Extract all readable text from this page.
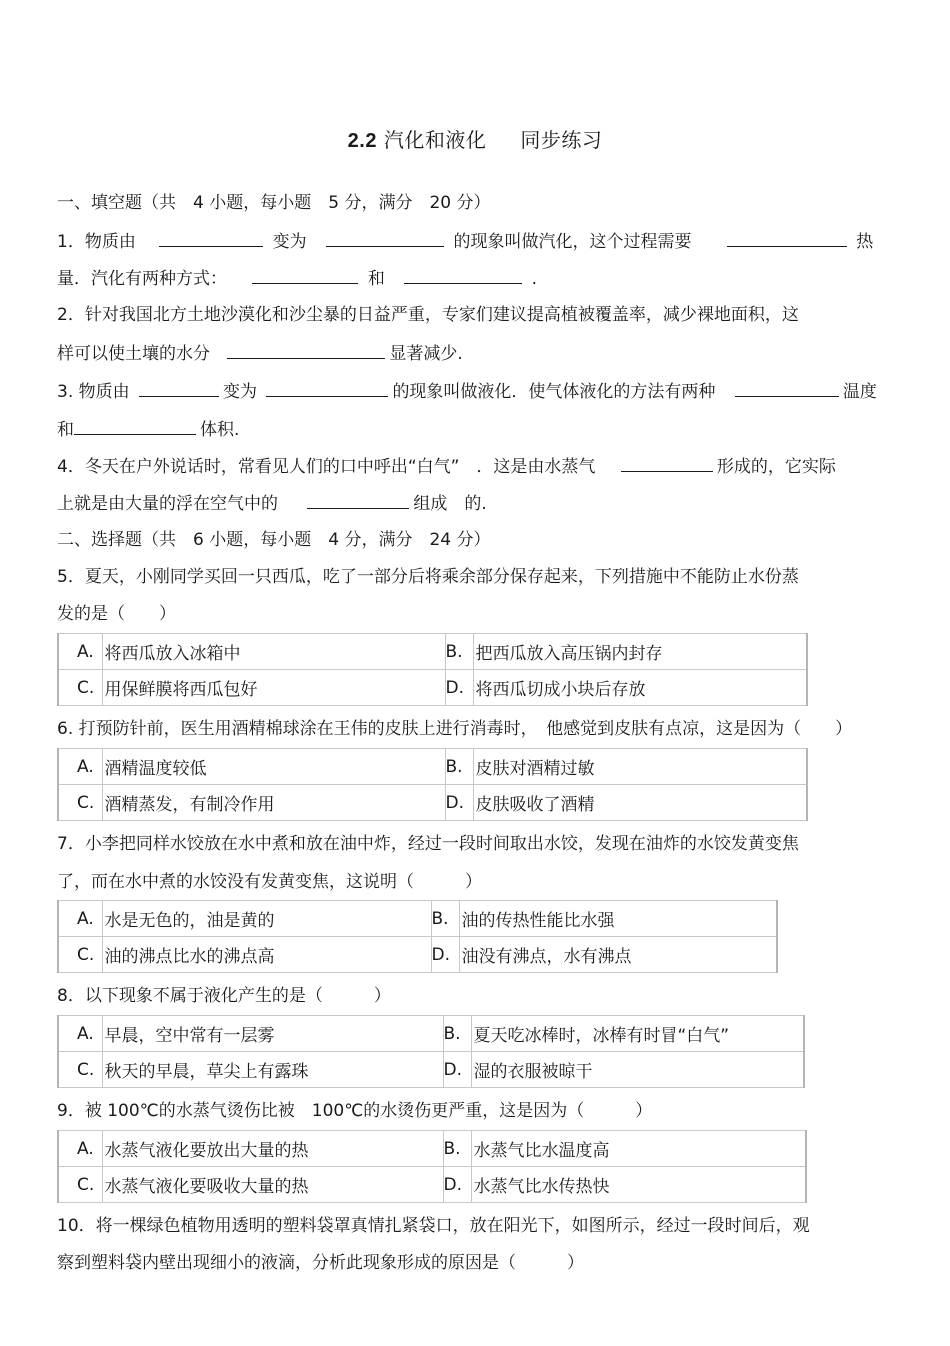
2.2 汽化和液化 同步练习
一、填空题（共　4 小题，每小题　5 分，满分　20 分）
1．物质由	变为	的现象叫做汽化，这个过程需要	热
量．汽化有两种方式：	和	.
2．针对我国北方土地沙漠化和沙尘暴的日益严重，专家们建议提高植被覆盖率，减少裸地面积，这
样可以使土壤的水分	显著减少.
3. 物质由	变为	的现象叫做液化．使气体液化的方法有两种	温度
和	体积.
4．冬天在户外说话时，常看见人们的口中呼出“白气”　．这是由水蒸气	形成的，它实际
上就是由大量的浮在空气中的	组成　的.
二、选择题（共　6 小题，每小题　4 分，满分　24 分）
5．夏天，小刚同学买回一只西瓜，吃了一部分后将乘余部分保存起来，下列措施中不能防止水份蒸
发的是（　　）
A.	将西瓜放入冰箱中	B.	把西瓜放入高压锅内封存
C.	用保鲜膜将西瓜包好	D.	将西瓜切成小块后存放
6. 打预防针前，医生用酒精棉球涂在王伟的皮肤上进行消毒时，　他感觉到皮肤有点凉，这是因为（　　）
A.	酒精温度较低	B.	皮肤对酒精过敏
C.	酒精蒸发，有制冷作用	D.	皮肤吸收了酒精
7．小李把同样水饺放在水中煮和放在油中炸，经过一段时间取出水饺，发现在油炸的水饺发黄变焦
了，而在水中煮的水饺没有发黄变焦，这说明（　　　）
A.	水是无色的，油是黄的	B.	油的传热性能比水强
C.	油的沸点比水的沸点高	D.	油没有沸点，水有沸点
8．以下现象不属于液化产生的是（　　　）
A.	早晨，空中常有一层雾	B.	夏天吃冰棒时，冰棒有时冒“白气”
C.	秋天的早晨，草尖上有露珠	D.	湿的衣服被晾干
9．被 100℃的水蒸气烫伤比被　100℃的水烫伤更严重，这是因为（　　　）
A.	水蒸气液化要放出大量的热	B.	水蒸气比水温度高
C.	水蒸气液化要吸收大量的热	D.	水蒸气比水传热快
10．将一棵绿色植物用透明的塑料袋罩真情扎紧袋口，放在阳光下，如图所示，经过一段时间后，观
察到塑料袋内壁出现细小的液滴，分析此现象形成的原因是（　　　）
